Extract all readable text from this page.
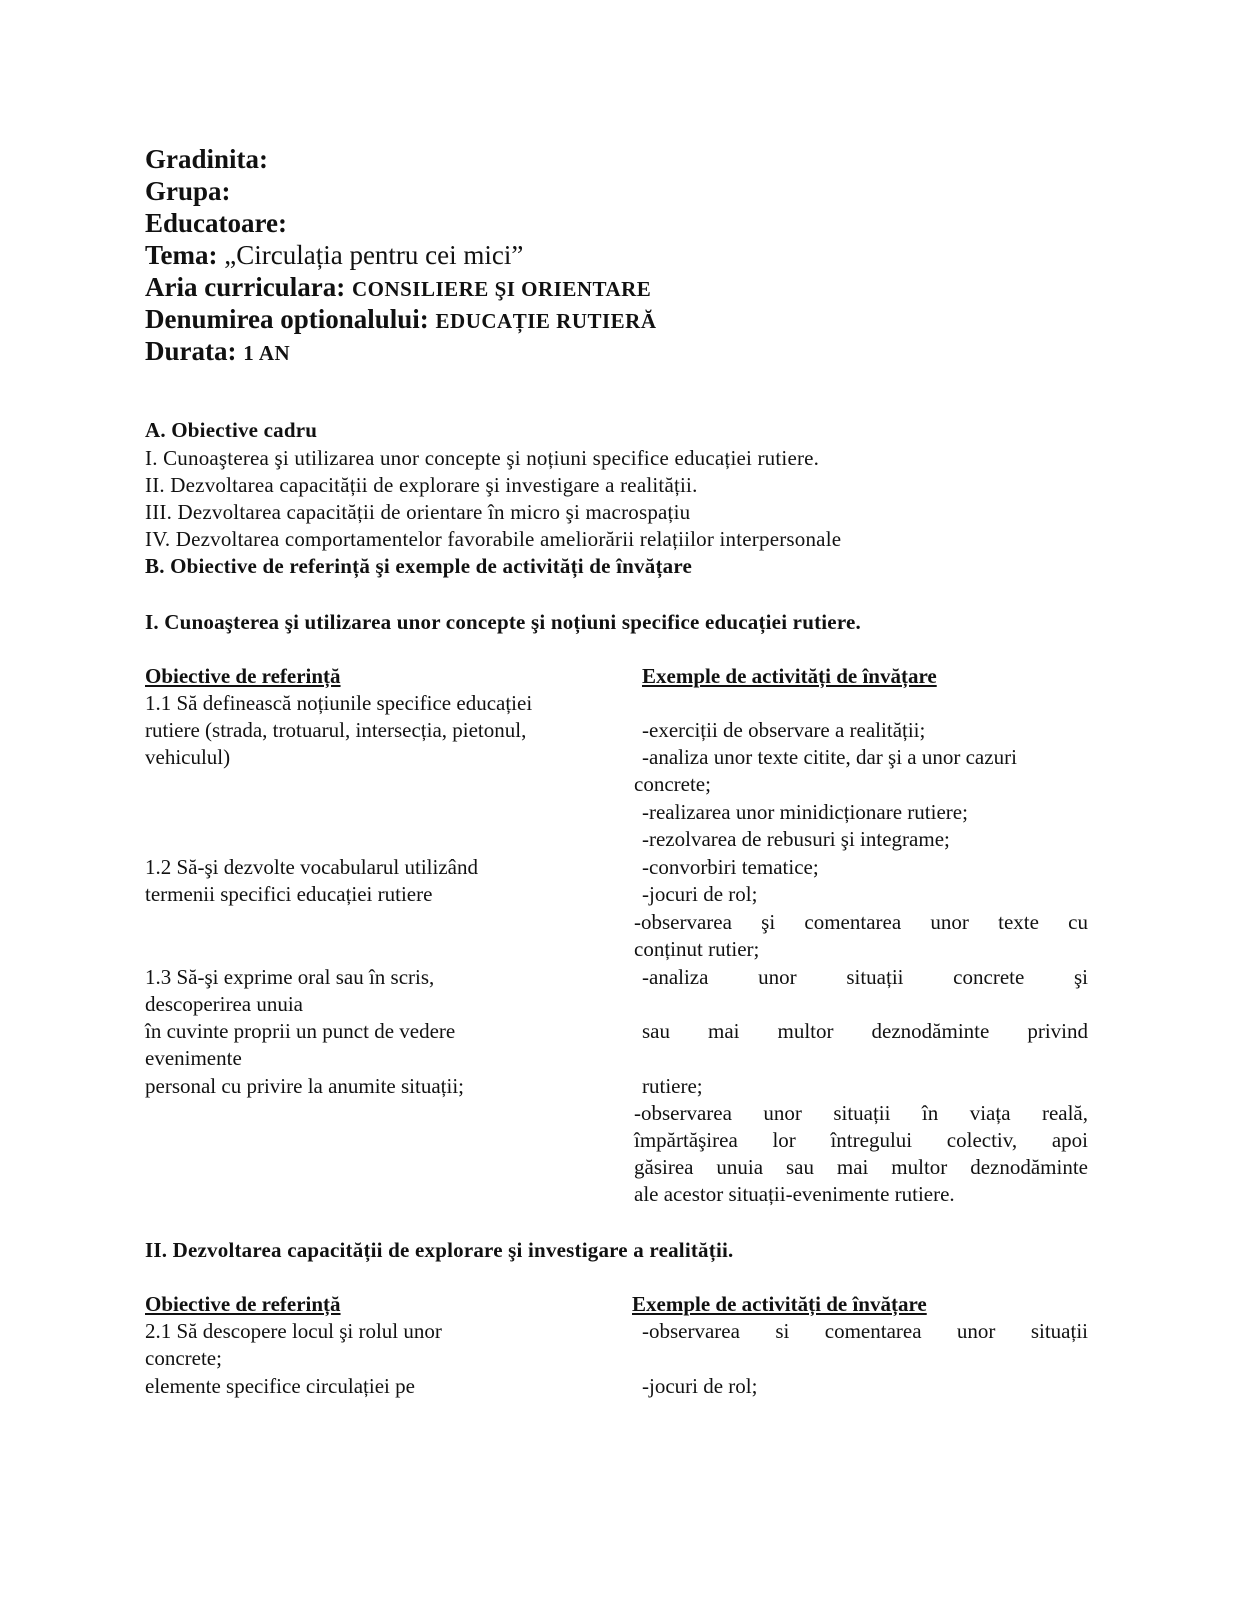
Gradinita:
Grupa:
Educatoare:
Tema: „Circulația pentru cei mici”
Aria curriculara: CONSILIERE ŞI ORIENTARE
Denumirea optionalului: EDUCAȚIE RUTIERĂ
Durata: 1 AN
A. Obiective cadru
I. Cunoaşterea şi utilizarea unor concepte şi noțiuni specifice educației rutiere.
II. Dezvoltarea capacității de explorare şi investigare a realității.
III. Dezvoltarea capacității de orientare în micro şi macrospațiu
IV. Dezvoltarea comportamentelor favorabile ameliorării relațiilor interpersonale
B. Obiective de referință şi exemple de activități de învățare
I. Cunoaşterea şi utilizarea unor concepte şi noțiuni specifice educației rutiere.
Obiective de referință	Exemple de activități de învățare
1.1 Să definească noțiunile specifice educației
rutiere (strada, trotuarul, intersecția, pietonul,
vehiculul)
1.2 Să-şi dezvolte vocabularul utilizând
termenii specifici educației rutiere
1.3 Să-şi exprime oral sau în scris,
descoperirea unuia
în cuvinte proprii un punct de vedere
evenimente
personal cu privire la anumite situații;
-exerciții de observare a realității;
-analiza unor texte citite, dar şi a unor cazuri
concrete;
-realizarea unor minidicționare rutiere;
-rezolvarea de rebusuri şi integrame;
-convorbiri tematice;
-jocuri de rol;
-observarea şi comentarea unor texte cu
conținut rutier;
-analiza unor situații concrete şi
sau mai multor deznodăminte privind
rutiere;
-observarea unor situații în viața reală,
împărtăşirea lor întregului colectiv, apoi
găsirea unuia sau mai multor deznodăminte
ale acestor situații-evenimente rutiere.
II. Dezvoltarea capacității de explorare şi investigare a realității.
Obiective de referință	Exemple de activități de învățare
2.1 Să descopere locul şi rolul unor
concrete;
elemente specifice circulației pe
-observarea si comentarea unor situații
-jocuri de rol;
